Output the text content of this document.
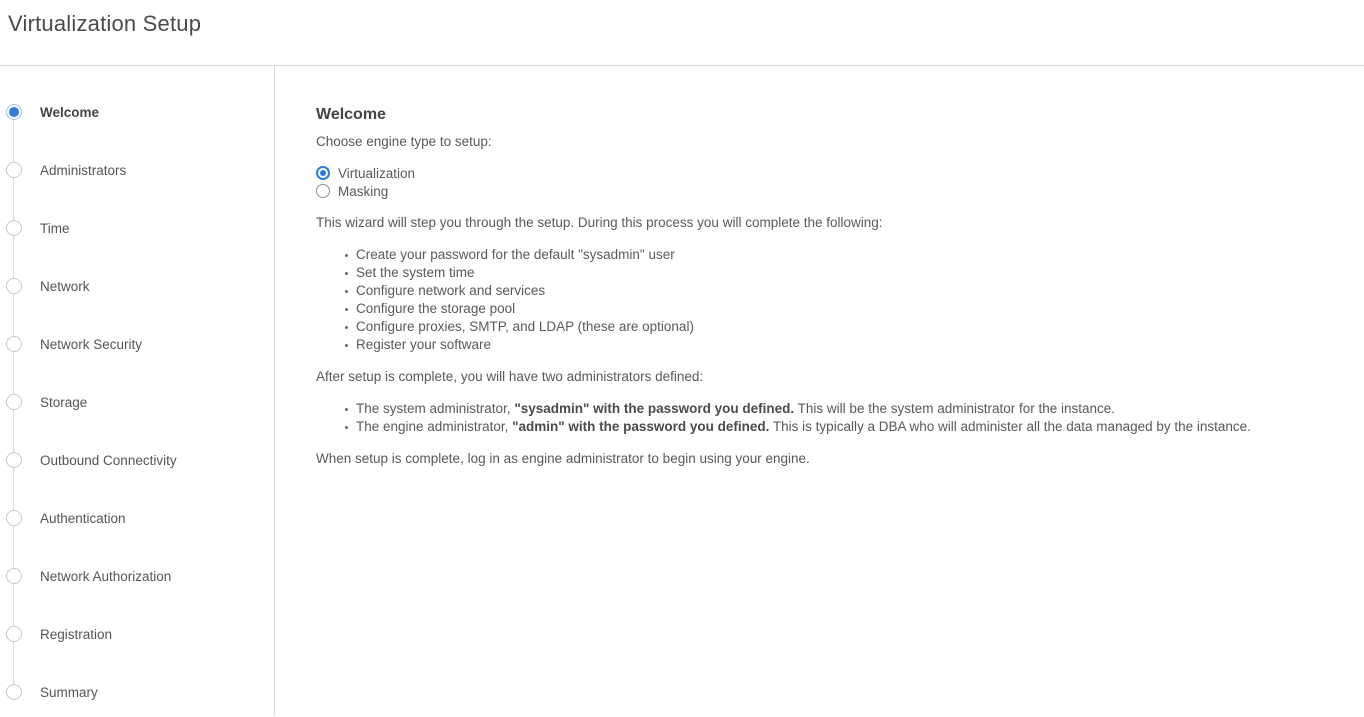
Virtualization Setup
Welcome
Administrators
Time
Network
Network Security
Storage
Outbound Connectivity
Authentication
Network Authorization
Registration
Summary
Welcome
Choose engine type to setup:
Virtualization
Masking
This wizard will step you through the setup. During this process you will complete the following:
Create your password for the default "sysadmin" user
Set the system time
Configure network and services
Configure the storage pool
Configure proxies, SMTP, and LDAP (these are optional)
Register your software
After setup is complete, you will have two administrators defined:
The system administrator, "sysadmin" with the password you defined. This will be the system administrator for the instance.
The engine administrator, "admin" with the password you defined. This is typically a DBA who will administer all the data managed by the instance.
When setup is complete, log in as engine administrator to begin using your engine.
